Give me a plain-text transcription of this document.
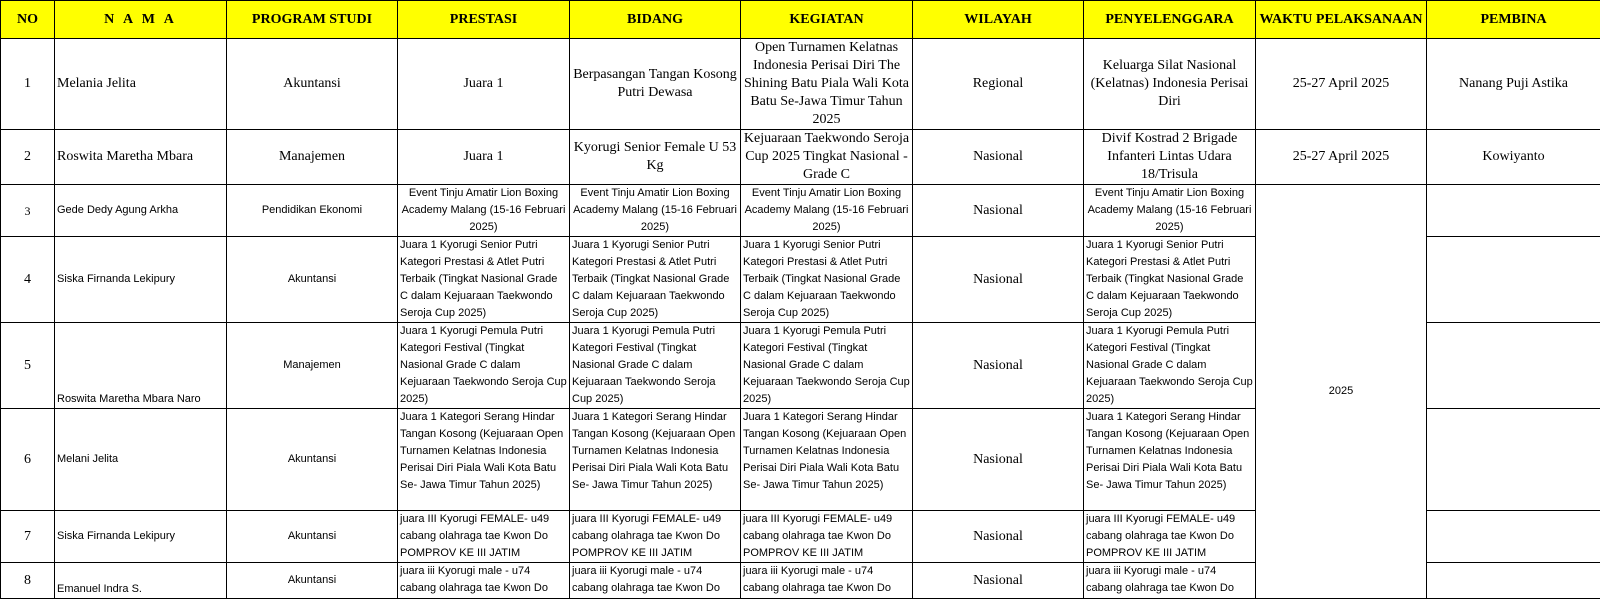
NO	N A M A	PROGRAM STUDI	PRESTASI	BIDANG	KEGIATAN	WILAYAH	PENYELENGGARA	WAKTU PELAKSANAAN	PEMBINA	
1	Melania Jelita	Akuntansi	Juara 1	Berpasangan Tangan Kosong Putri Dewasa	Open Turnamen Kelatnas Indonesia Perisai Diri The Shining Batu Piala Wali Kota Batu Se-Jawa Timur Tahun 2025	Regional	Keluarga Silat Nasional (Kelatnas) Indonesia Perisai Diri	25-27 April 2025	Nanang Puji Astika	
2	Roswita Maretha Mbara	Manajemen	Juara 1	Kyorugi Senior Female U 53 Kg	Kejuaraan Taekwondo Seroja Cup 2025 Tingkat Nasional - Grade C	Nasional	Divif Kostrad 2 Brigade Infanteri Lintas Udara 18/Trisula	25-27 April 2025	Kowiyanto	
3	Gede Dedy Agung Arkha	Pendidikan Ekonomi	Event Tinju Amatir Lion Boxing Academy Malang (15-16 Februari 2025)	Event Tinju Amatir Lion Boxing Academy Malang (15-16 Februari 2025)	Event Tinju Amatir Lion Boxing Academy Malang (15-16 Februari 2025)	Nasional	Event Tinju Amatir Lion Boxing Academy Malang (15-16 Februari 2025)	2025		
4	Siska Firnanda Lekipury	Akuntansi	Juara 1 Kyorugi Senior Putri Kategori Prestasi & Atlet Putri Terbaik (Tingkat Nasional Grade C dalam Kejuaraan Taekwondo Seroja Cup 2025)	Juara 1 Kyorugi Senior Putri Kategori Prestasi & Atlet Putri Terbaik (Tingkat Nasional Grade C dalam Kejuaraan Taekwondo Seroja Cup 2025)	Juara 1 Kyorugi Senior Putri Kategori Prestasi & Atlet Putri Terbaik (Tingkat Nasional Grade C dalam Kejuaraan Taekwondo Seroja Cup 2025)	Nasional	Juara 1 Kyorugi Senior Putri Kategori Prestasi & Atlet Putri Terbaik (Tingkat Nasional Grade C dalam Kejuaraan Taekwondo Seroja Cup 2025)			
5	Roswita Maretha Mbara Naro	Manajemen	Juara 1 Kyorugi Pemula Putri Kategori Festival (Tingkat Nasional Grade C dalam Kejuaraan Taekwondo Seroja Cup 2025)	Juara 1 Kyorugi Pemula Putri Kategori Festival (Tingkat Nasional Grade C dalam Kejuaraan Taekwondo Seroja Cup 2025)	Juara 1 Kyorugi Pemula Putri Kategori Festival (Tingkat Nasional Grade C dalam Kejuaraan Taekwondo Seroja Cup 2025)	Nasional	Juara 1 Kyorugi Pemula Putri Kategori Festival (Tingkat Nasional Grade C dalam Kejuaraan Taekwondo Seroja Cup 2025)			
6	Melani Jelita	Akuntansi	Juara 1 Kategori Serang Hindar Tangan Kosong (Kejuaraan Open Turnamen Kelatnas Indonesia Perisai Diri Piala Wali Kota Batu Se- Jawa Timur Tahun 2025)	Juara 1 Kategori Serang Hindar Tangan Kosong (Kejuaraan Open Turnamen Kelatnas Indonesia Perisai Diri Piala Wali Kota Batu Se- Jawa Timur Tahun 2025)	Juara 1 Kategori Serang Hindar Tangan Kosong (Kejuaraan Open Turnamen Kelatnas Indonesia Perisai Diri Piala Wali Kota Batu Se- Jawa Timur Tahun 2025)	Nasional	Juara 1 Kategori Serang Hindar Tangan Kosong (Kejuaraan Open Turnamen Kelatnas Indonesia Perisai Diri Piala Wali Kota Batu Se- Jawa Timur Tahun 2025)			
7	Siska Firnanda Lekipury	Akuntansi	juara III Kyorugi FEMALE- u49 cabang olahraga tae Kwon Do POMPROV KE III JATIM	juara III Kyorugi FEMALE- u49 cabang olahraga tae Kwon Do POMPROV KE III JATIM	juara III Kyorugi FEMALE- u49 cabang olahraga tae Kwon Do POMPROV KE III JATIM	Nasional	juara III Kyorugi FEMALE- u49 cabang olahraga tae Kwon Do POMPROV KE III JATIM			
8	Emanuel Indra S.	Akuntansi	juara iii Kyorugi male - u74 cabang olahraga tae Kwon Do	juara iii Kyorugi male - u74 cabang olahraga tae Kwon Do	juara iii Kyorugi male - u74 cabang olahraga tae Kwon Do	Nasional	juara iii Kyorugi male - u74 cabang olahraga tae Kwon Do			
